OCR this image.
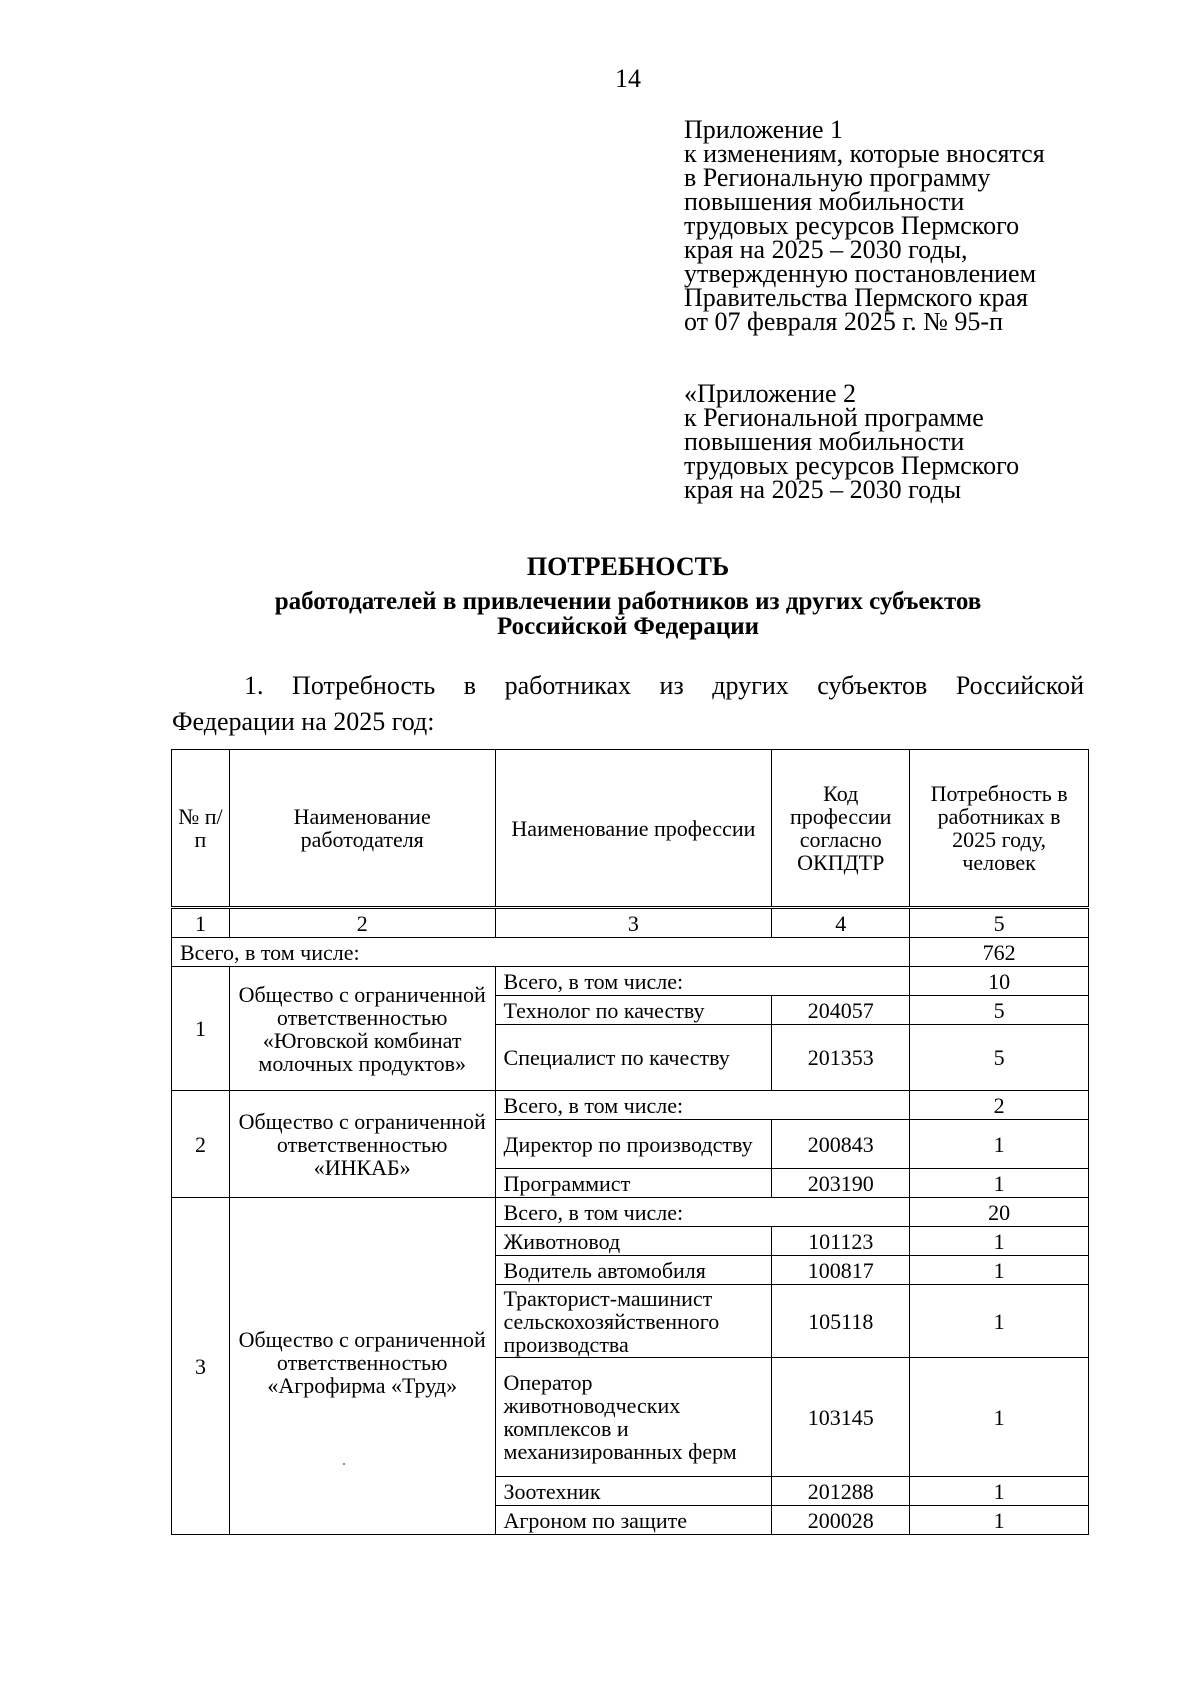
14
Приложение 1
к изменениям, которые вносятся
в Региональную программу
повышения мобильности
трудовых ресурсов Пермского
края на 2025 – 2030 годы,
утвержденную постановлением
Правительства Пермского края
от 07 февраля 2025 г. № 95-п
«Приложение 2
к Региональной программе
повышения мобильности
трудовых ресурсов Пермского
края на 2025 – 2030 годы
ПОТРЕБНОСТЬ
работодателей в привлечении работников из других субъектов
Российской Федерации
1. Потребность в работниках из других субъектов Российской
Федерации на 2025 год:
№ п/п	Наименование работодателя	Наименование профессии	Код профессии согласно ОКПДТР	Потребность в работниках в 2025 году, человек
1	2	3	4	5
Всего, в том числе:				762
1	Общество с ограниченной ответственностью «Юговской комбинат молочных продуктов»	Всего, в том числе:		10
		Технолог по качеству	204057	5
		Специалист по качеству	201353	5
2	Общество с ограниченной ответственностью «ИНКАБ»	Всего, в том числе:		2
		Директор по производству	200843	1
		Программист	203190	1
3	Общество с ограниченной ответственностью «Агрофирма «Труд»	Всего, в том числе:		20
		Животновод	101123	1
		Водитель автомобиля	100817	1
		Тракторист-машинист сельскохозяйственного производства	105118	1
		Оператор животноводческих комплексов и механизированных ферм	103145	1
		Зоотехник	201288	1
		Агроном по защите	200028	1
